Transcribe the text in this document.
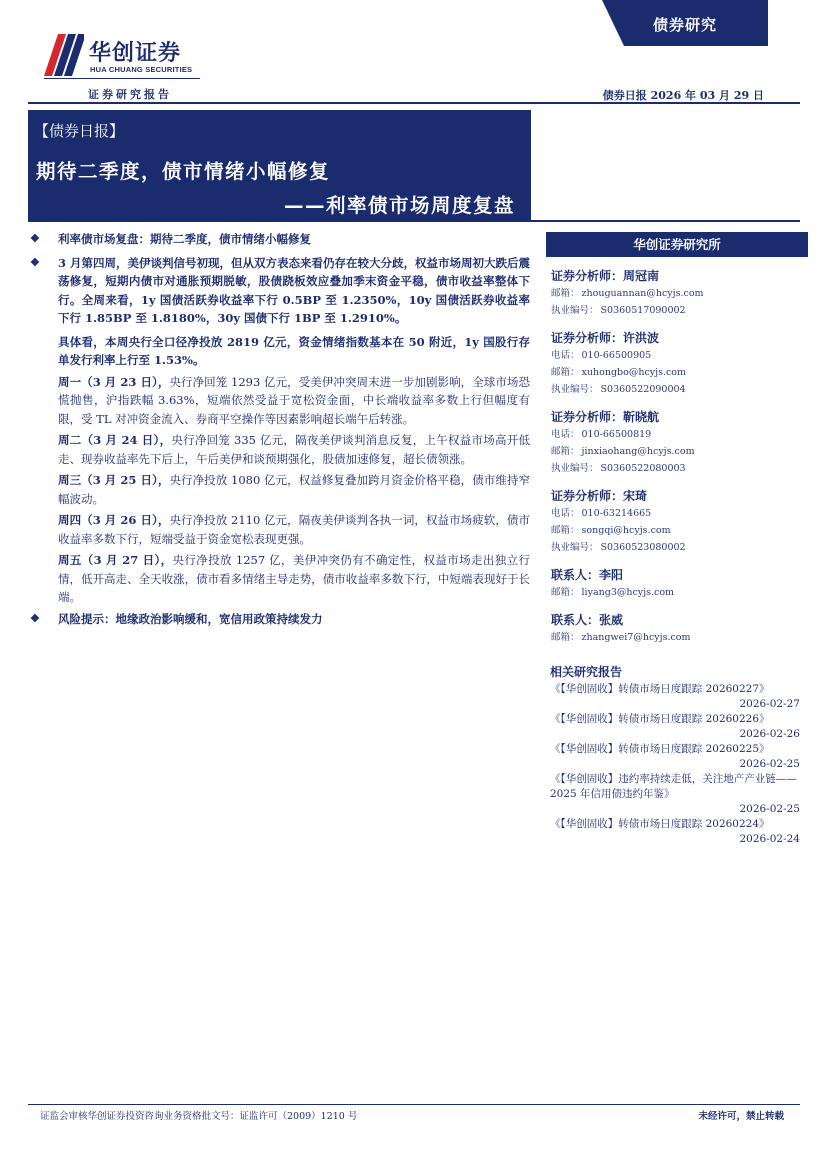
华创证券
HUA CHUANG SECURITIES
债券研究
证券研究报告	债券日报 2026 年 03 月 29 日
【债券日报】
期待二季度，债市情绪小幅修复
——利率债市场周度复盘
❖ 利率债市场复盘：期待二季度，债市情绪小幅修复
❖ 3 月第四周，美伊谈判信号初现，但从双方表态来看仍存在较大分歧，权益市场周初大跌后震荡修复，短期内债市对通胀预期脱敏，股债跷板效应叠加季末资金平稳，债市收益率整体下行。全周来看，1y 国债活跃券收益率下行 0.5BP 至 1.2350%，10y 国债活跃券收益率下行 1.85BP 至 1.8180%，30y 国债下行 1BP 至 1.2910%。
具体看，本周央行全口径净投放 2819 亿元，资金情绪指数基本在 50 附近，1y 国股行存单发行利率上行至 1.53%。
周一（3 月 23 日），央行净回笼 1293 亿元，受美伊冲突周末进一步加剧影响，全球市场恐慌抛售，沪指跌幅 3.63%，短端依然受益于宽松资金面，中长端收益率多数上行但幅度有限，受 TL 对冲资金流入、券商平空操作等因素影响超长端午后转涨。
周二（3 月 24 日），央行净回笼 335 亿元，隔夜美伊谈判消息反复，上午权益市场高开低走、现券收益率先下后上，午后美伊和谈预期强化，股债加速修复，超长债领涨。
周三（3 月 25 日），央行净投放 1080 亿元，权益修复叠加跨月资金价格平稳，债市维持窄幅波动。
周四（3 月 26 日），央行净投放 2110 亿元，隔夜美伊谈判各执一词，权益市场疲软，债市收益率多数下行，短端受益于资金宽松表现更强。
周五（3 月 27 日），央行净投放 1257 亿，美伊冲突仍有不确定性，权益市场走出独立行情，低开高走、全天收涨，债市看多情绪主导走势，债市收益率多数下行，中短端表现好于长端。
❖ 风险提示：地缘政治影响缓和，宽信用政策持续发力
华创证券研究所
证券分析师：周冠南
邮箱： zhouguannan@hcyjs.com
执业编号： S0360517090002
证券分析师：许洪波
电话： 010-66500905
邮箱： xuhongbo@hcyjs.com
执业编号： S0360522090004
证券分析师：靳晓航
电话： 010-66500819
邮箱： jinxiaohang@hcyjs.com
执业编号： S0360522080003
证券分析师：宋琦
电话： 010-63214665
邮箱： songqi@hcyjs.com
执业编号： S0360523080002
联系人：李阳
邮箱： liyang3@hcyjs.com
联系人：张威
邮箱： zhangwei7@hcyjs.com
相关研究报告
《【华创固收】转债市场日度跟踪 20260227》
2026-02-27
《【华创固收】转债市场日度跟踪 20260226》
2026-02-26
《【华创固收】转债市场日度跟踪 20260225》
2026-02-25
《【华创固收】违约率持续走低，关注地产产业链——2025 年信用债违约年鉴》
2026-02-25
《【华创固收】转债市场日度跟踪 20260224》
2026-02-24
证监会审核华创证券投资咨询业务资格批文号：证监许可（2009）1210 号	未经许可，禁止转载
